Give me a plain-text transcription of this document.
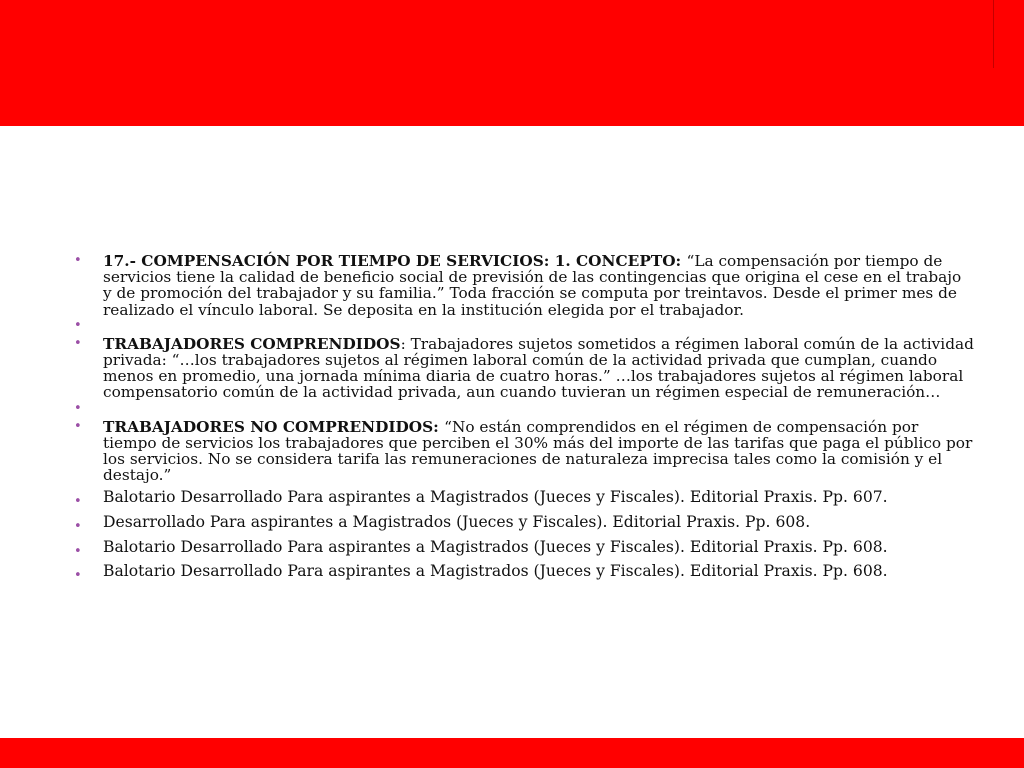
• 17.- COMPENSACIÓN POR TIEMPO DE SERVICIOS: 1. CONCEPTO: “La compensación por tiempo de servicios tiene la calidad de beneficio social de previsión de las contingencias que origina el cese en el trabajo y de promoción del trabajador y su familia.” Toda fracción se computa por treintavos. Desde el primer mes de realizado el vínculo laboral. Se deposita en la institución elegida por el trabajador.
•
• TRABAJADORES COMPRENDIDOS: Trabajadores sujetos sometidos a régimen laboral común de la actividad privada: “…los trabajadores sujetos al régimen laboral común de la actividad privada que cumplan, cuando menos en promedio, una jornada mínima diaria de cuatro horas.” …los trabajadores sujetos al régimen laboral compensatorio común de la actividad privada, aun cuando tuvieran un régimen especial de remuneración…
•
• TRABAJADORES NO COMPRENDIDOS: “No están comprendidos en el régimen de compensación por tiempo de servicios los trabajadores que perciben el 30% más del importe de las tarifas que paga el público por los servicios. No se considera tarifa las remuneraciones de naturaleza imprecisa tales como la comisión y el destajo.”
• Balotario Desarrollado Para aspirantes a Magistrados (Jueces y Fiscales). Editorial Praxis. Pp. 607.
• Desarrollado Para aspirantes a Magistrados (Jueces y Fiscales). Editorial Praxis. Pp. 608.
• Balotario Desarrollado Para aspirantes a Magistrados (Jueces y Fiscales). Editorial Praxis. Pp. 608.
• Balotario Desarrollado Para aspirantes a Magistrados (Jueces y Fiscales). Editorial Praxis. Pp. 608.
